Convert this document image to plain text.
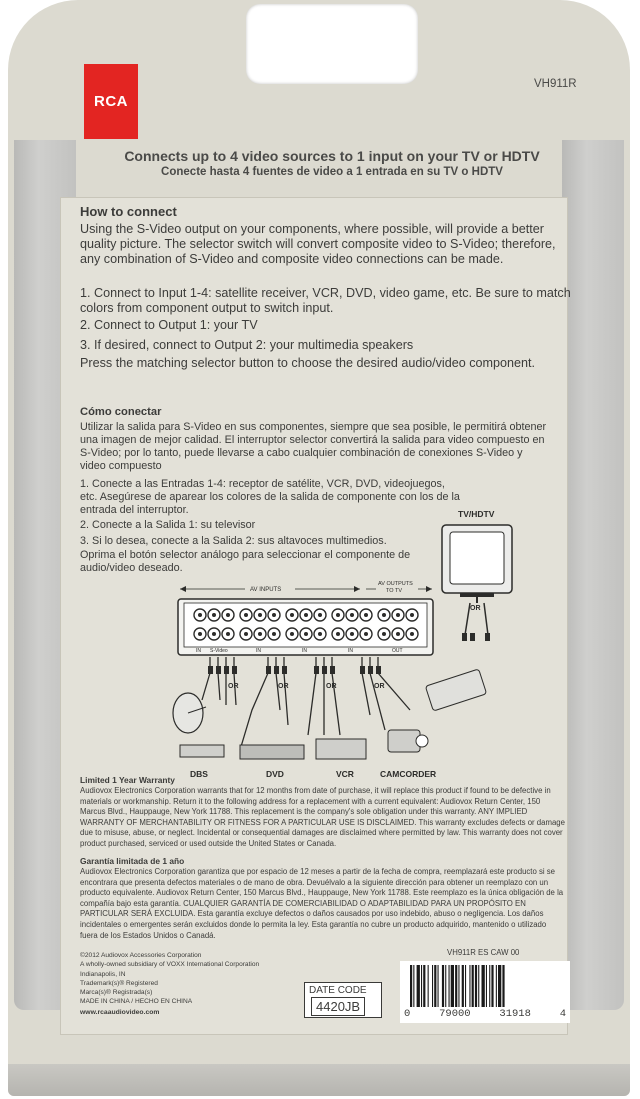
RCA
VH911R
Connects up to 4 video sources to 1 input on your TV or HDTV
Conecte hasta 4 fuentes de video a 1 entrada en su TV o HDTV
How to connect

Using the S-Video output on your components, where possible, will provide a better quality picture. The selector switch will convert composite video to S-Video; therefore, any combination of S-Video and composite video connections can be made.

1. Connect to Input 1-4: satellite receiver, VCR, DVD, video game, etc. Be sure to match colors from component output to switch input.

2. Connect to Output 1: your TV

3. If desired, connect to Output 2: your multimedia speakers

Press the matching selector button to choose the desired audio/video component.

Cómo conectar

Utilizar la salida para S-Video en sus componentes, siempre que sea posible, le permitirá obtener una imagen de mejor calidad. El interruptor selector convertirá la salida para video compuesto en S-Video; por lo tanto, puede llevarse a cabo cualquier combinación de conexiones S-Video y video compuesto

1. Conecte a las Entradas 1-4: receptor de satélite, VCR, DVD, videojuegos, etc. Asegúrese de aparear los colores de la salida de componente con los de la entrada del interruptor.

2. Conecte a la Salida 1: su televisor

3. Si lo desea, conecte a la Salida 2: sus altavoces multimedios.

Oprima el botón selector análogo para seleccionar el componente de audio/video deseado.

TV/HDTV
OR
AV INPUTS
AV OUTPUTS
TO TV
IN S-Video	IN	IN	IN	OUT
OR	OR	OR	OR
DBS	DVD	VCR	CAMCORDER
Limited 1 Year Warranty

Audiovox Electronics Corporation warrants that for 12 months from date of purchase, it will replace this product if found to be defective in materials or workmanship. Return it to the following address for a replacement with a current equivalent: Audiovox Return Center, 150 Marcus Blvd., Hauppauge, New York 11788. This replacement is the company's sole obligation under this warranty. ANY IMPLIED WARRANTY OF MERCHANTABILITY OR FITNESS FOR A PARTICULAR USE IS DISCLAIMED. This warranty excludes defects or damage due to misuse, abuse, or neglect. Incidental or consequential damages are disclaimed where permitted by law. This warranty does not cover product purchased, serviced or used outside the United States or Canada.

Garantía limitada de 1 año

Audiovox Electronics Corporation garantiza que por espacio de 12 meses a partir de la fecha de compra, reemplazará este producto si se encontrara que presenta defectos materiales o de mano de obra. Devuélvalo a la siguiente dirección para obtener un reemplazo con un producto equivalente. Audiovox Return Center, 150 Marcus Blvd., Hauppauge, New York 11788. Este reemplazo es la única obligación de la compañía bajo esta garantía. CUALQUIER GARANTÍA DE COMERCIABILIDAD O ADAPTABILIDAD PARA UN PROPÓSITO EN PARTICULAR SERÁ EXCLUIDA. Esta garantía excluye defectos o daños causados por uso indebido, abuso o negligencia. Los daños incidentales o emergentes serán excluidos donde lo permita la ley. Esta garantía no cubre un producto adquirido, mantenido o utilizado fuera de los Estados Unidos o Canadá.

©2012 Audiovox Accessories Corporation
A wholly-owned subsidiary of VOXX International Corporation
Indianapolis, IN
Trademark(s)® Registered
Marca(s)® Registrada(s)
MADE IN CHINA / HECHO EN CHINA

www.rcaaudiovideo.com
VH911R ES CAW 00
DATE CODE
4420JB	0	79000	31918	4
